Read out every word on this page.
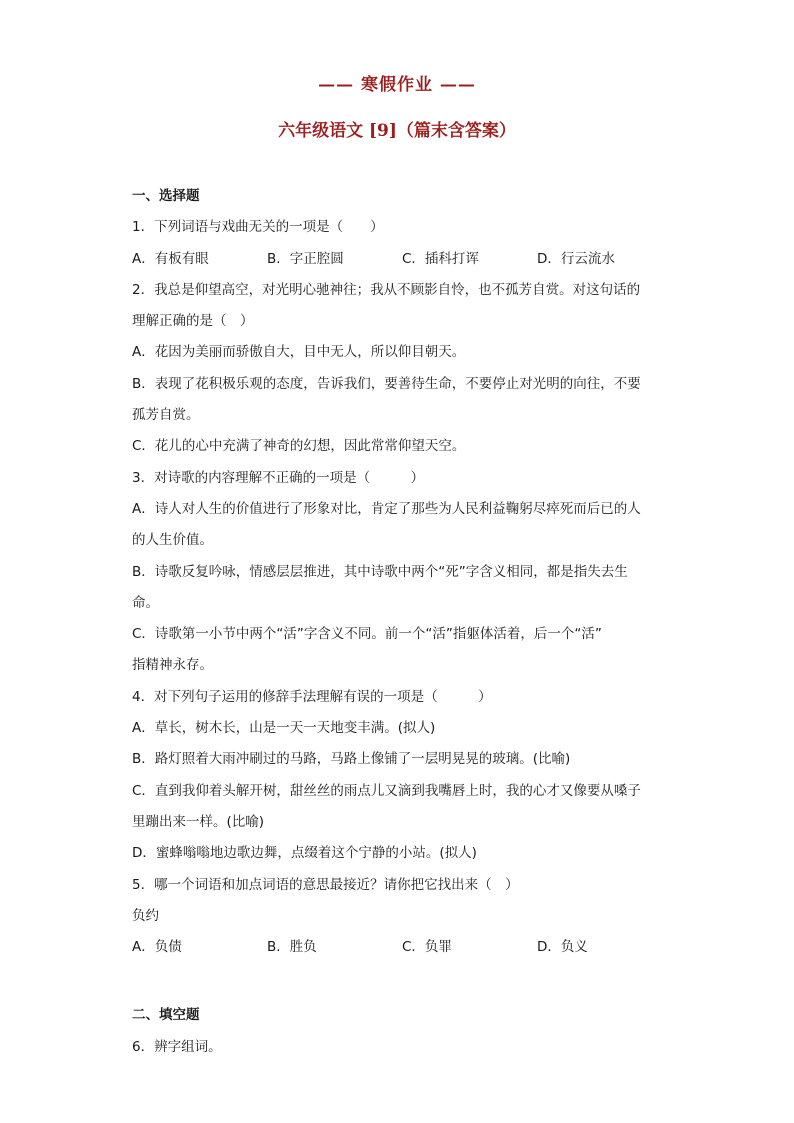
—— 寒假作业 ——
六年级语文 [9]（篇末含答案）
一、选择题
1．下列词语与戏曲无关的一项是（　　）
A．有板有眼	B．字正腔圆	C．插科打诨	D．行云流水
2．我总是仰望高空，对光明心驰神往；我从不顾影自怜，也不孤芳自赏。对这句话的
理解正确的是（　）
A．花因为美丽而骄傲自大，目中无人，所以仰目朝天。
B．表现了花积极乐观的态度，告诉我们，要善待生命，不要停止对光明的向往，不要
孤芳自赏。
C．花儿的心中充满了神奇的幻想，因此常常仰望天空。
3．对诗歌的内容理解不正确的一项是（　　　）
A．诗人对人生的价值进行了形象对比，肯定了那些为人民利益鞠躬尽瘁死而后已的人
的人生价值。
B．诗歌反复吟咏，情感层层推进，其中诗歌中两个“死”字含义相同，都是指失去生
命。
C．诗歌第一小节中两个“活”字含义不同。前一个“活”指躯体活着，后一个“活”
指精神永存。
4．对下列句子运用的修辞手法理解有误的一项是（　　　）
A．草长，树木长，山是一天一天地变丰满。(拟人)
B．路灯照着大雨冲刷过的马路，马路上像铺了一层明晃晃的玻璃。(比喻)
C．直到我仰着头解开树，甜丝丝的雨点儿又滴到我嘴唇上时，我的心才又像要从嗓子
里蹦出来一样。(比喻)
D．蜜蜂嗡嗡地边歌边舞，点缀着这个宁静的小站。(拟人)
5．哪一个词语和加点词语的意思最接近？请你把它找出来（　）
负约
A．负债	B．胜负	C．负罪	D．负义
二、填空题
6．辨字组词。
